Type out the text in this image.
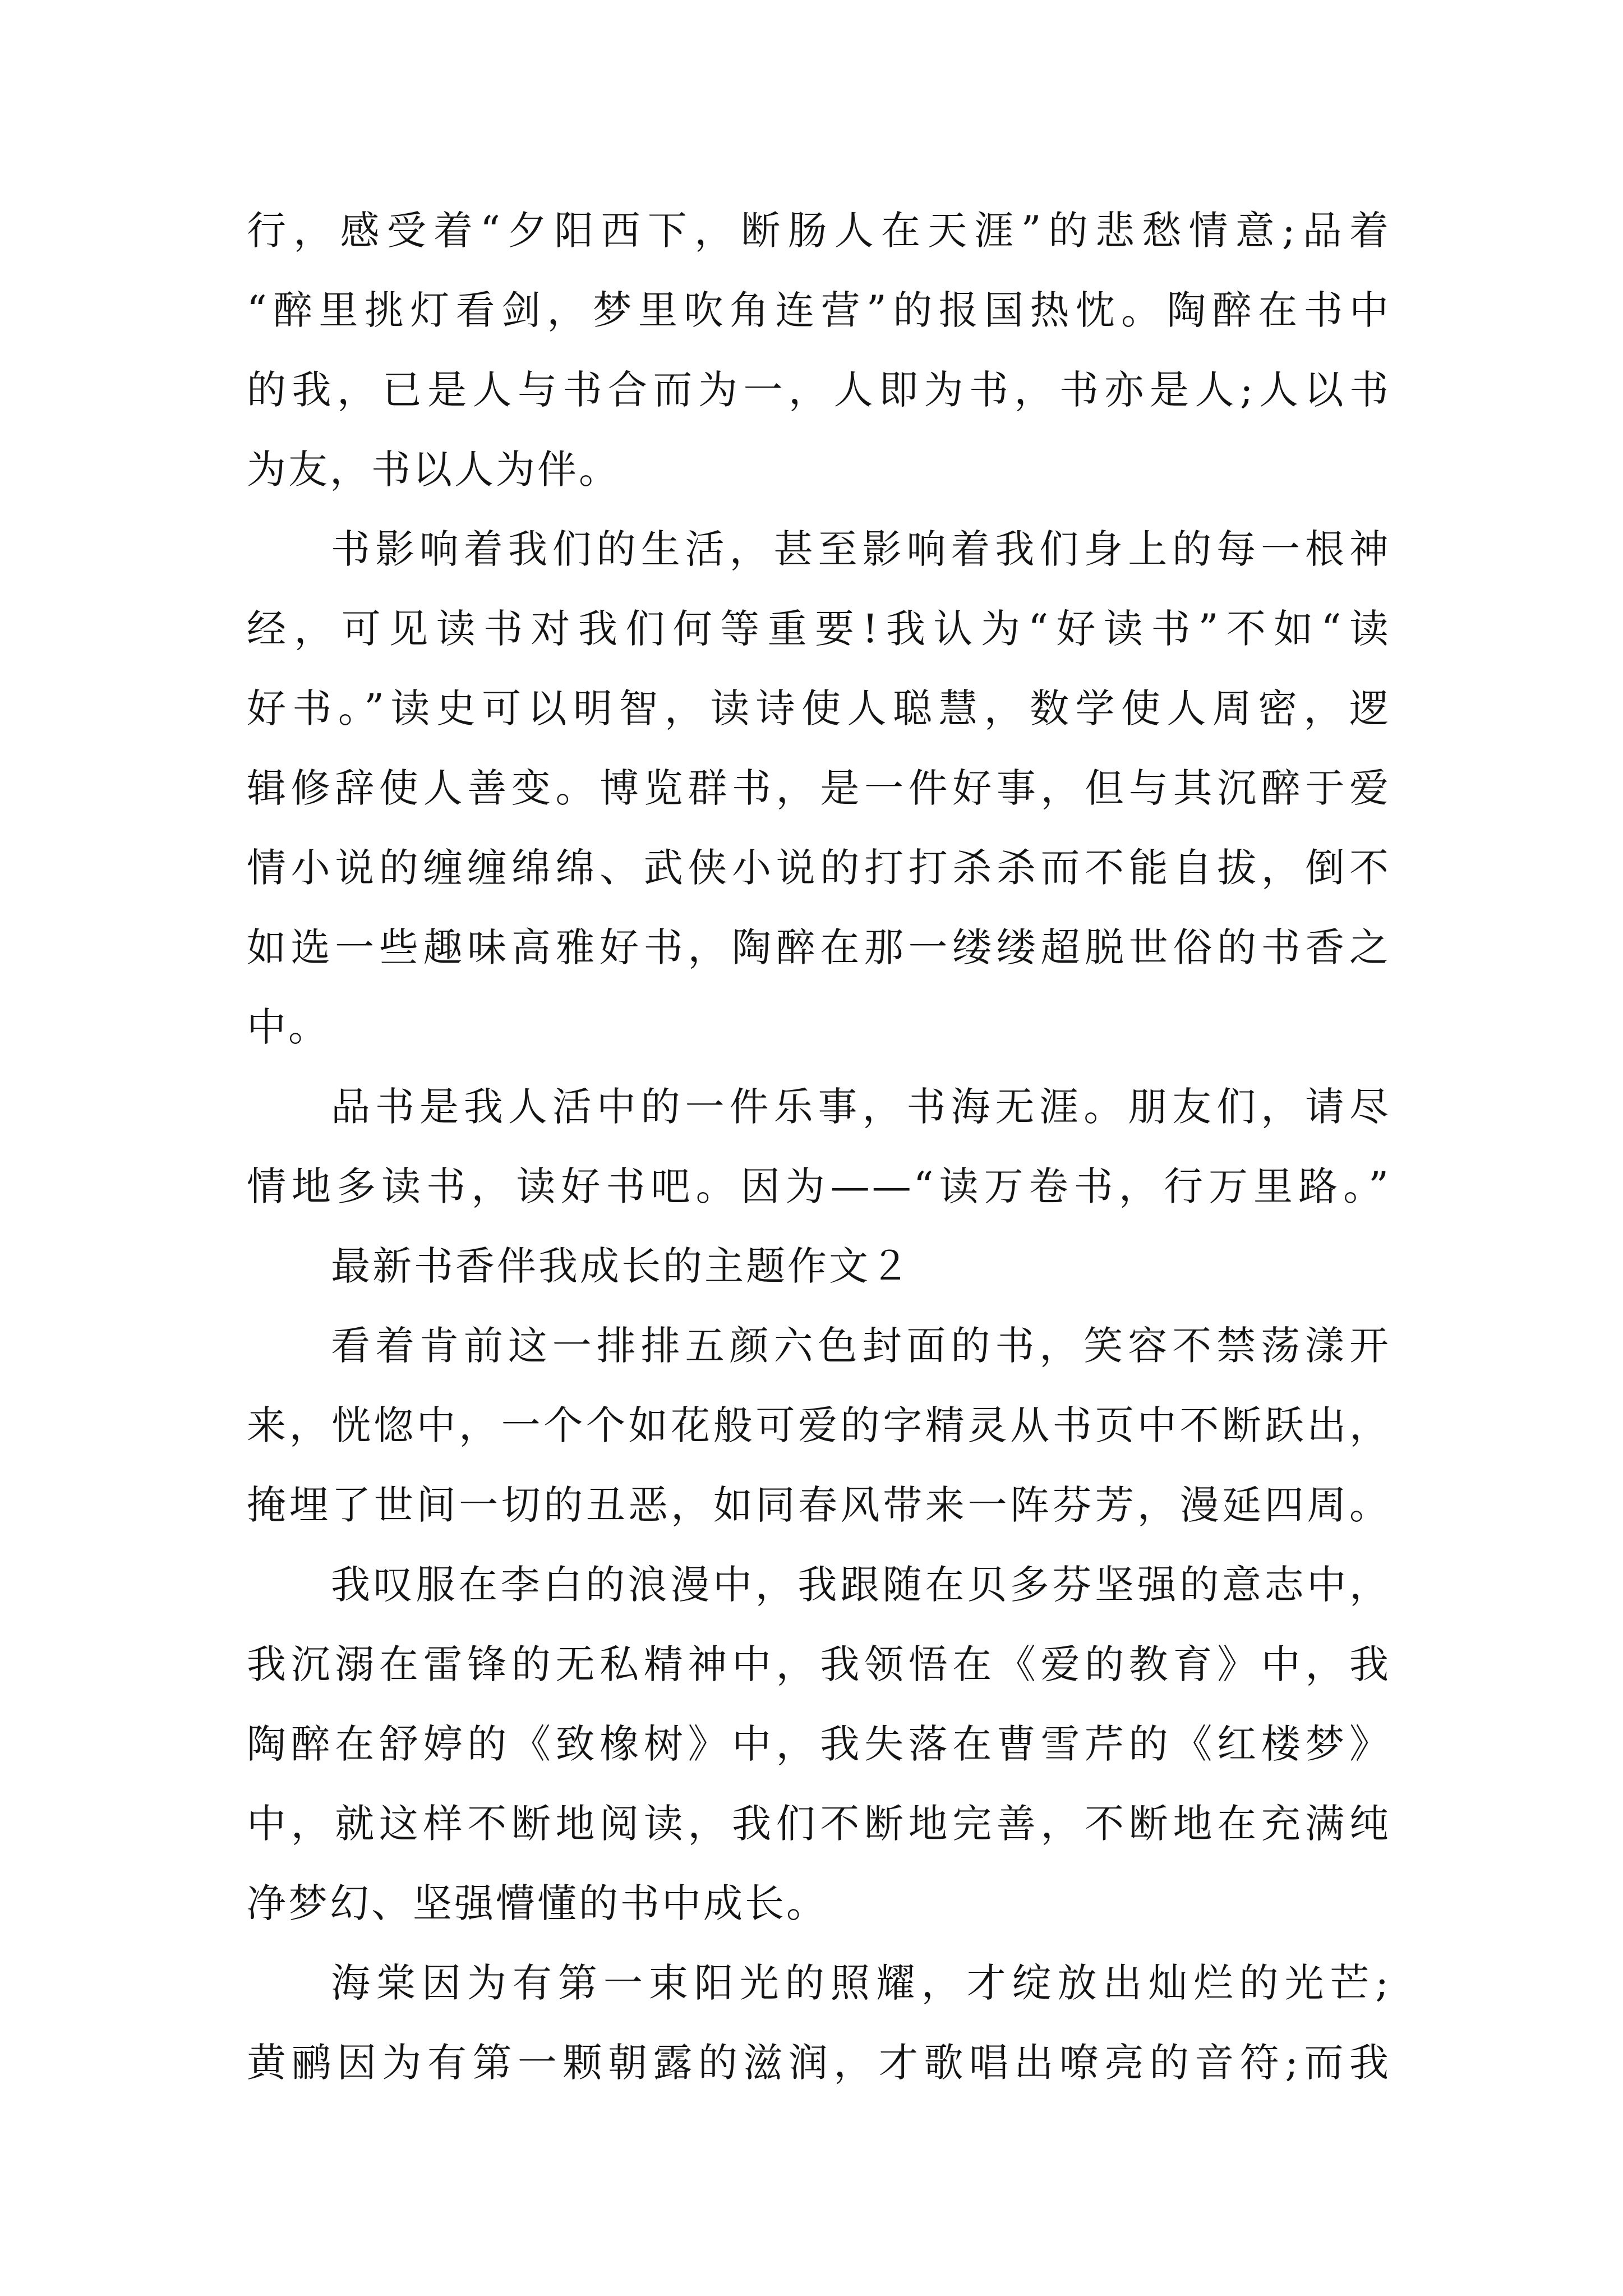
行，感受着“夕阳西下，断肠人在天涯”的悲愁情意;品着
“醉里挑灯看剑，梦里吹角连营”的报国热忱。陶醉在书中
的我，已是人与书合而为一，人即为书，书亦是人;人以书
为友，书以人为伴。
书影响着我们的生活，甚至影响着我们身上的每一根神
经，可见读书对我们何等重要!我认为“好读书”不如“读
好书。”读史可以明智，读诗使人聪慧，数学使人周密，逻
辑修辞使人善变。博览群书，是一件好事，但与其沉醉于爱
情小说的缠缠绵绵、武侠小说的打打杀杀而不能自拔，倒不
如选一些趣味高雅好书，陶醉在那一缕缕超脱世俗的书香之
中。
品书是我人活中的一件乐事，书海无涯。朋友们，请尽
情地多读书，读好书吧。因为——“读万卷书，行万里路。”
最新书香伴我成长的主题作文２
看着肯前这一排排五颜六色封面的书，笑容不禁荡漾开
来，恍惚中，一个个如花般可爱的字精灵从书页中不断跃出，
掩埋了世间一切的丑恶，如同春风带来一阵芬芳，漫延四周。
我叹服在李白的浪漫中，我跟随在贝多芬坚强的意志中，
我沉溺在雷锋的无私精神中，我领悟在《爱的教育》中，我
陶醉在舒婷的《致橡树》中，我失落在曹雪芹的《红楼梦》
中，就这样不断地阅读，我们不断地完善，不断地在充满纯
净梦幻、坚强懵懂的书中成长。
海棠因为有第一束阳光的照耀，才绽放出灿烂的光芒;
黄鹂因为有第一颗朝露的滋润，才歌唱出嘹亮的音符;而我
